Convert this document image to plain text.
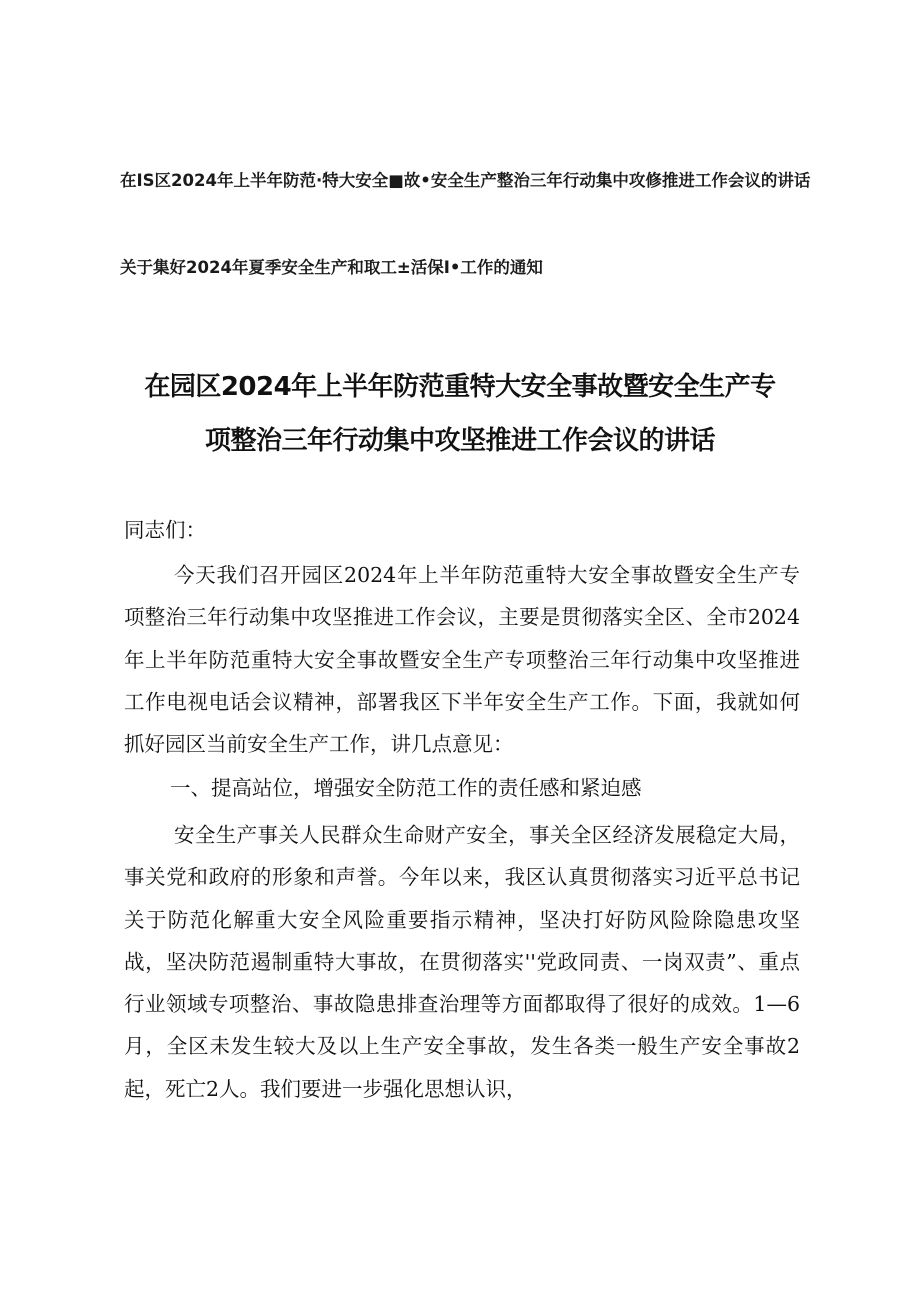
在IS区2024年上半年防范·特大安全■故•安全生产整治三年行动集中攻修推进工作会议的讲话
关于集好2024年夏季安全生产和取工±活保I•工作的通知
在园区2024年上半年防范重特大安全事故暨安全生产专
项整治三年行动集中攻坚推进工作会议的讲话
同志们：
今天我们召开园区2024年上半年防范重特大安全事故暨安全生产专项整治三年行动集中攻坚推进工作会议，主要是贯彻落实全区、全市2024年上半年防范重特大安全事故暨安全生产专项整治三年行动集中攻坚推进工作电视电话会议精神，部署我区下半年安全生产工作。下面，我就如何抓好园区当前安全生产工作，讲几点意见：
一、提高站位，增强安全防范工作的责任感和紧迫感
安全生产事关人民群众生命财产安全，事关全区经济发展稳定大局，事关党和政府的形象和声誉。今年以来，我区认真贯彻落实习近平总书记关于防范化解重大安全风险重要指示精神，坚决打好防风险除隐患攻坚战，坚决防范遏制重特大事故，在贯彻落实''党政同责、一岗双责”、重点行业领域专项整治、事故隐患排查治理等方面都取得了很好的成效。1—6月，全区未发生较大及以上生产安全事故，发生各类一般生产安全事故2起，死亡2人。我们要进一步强化思想认识，
